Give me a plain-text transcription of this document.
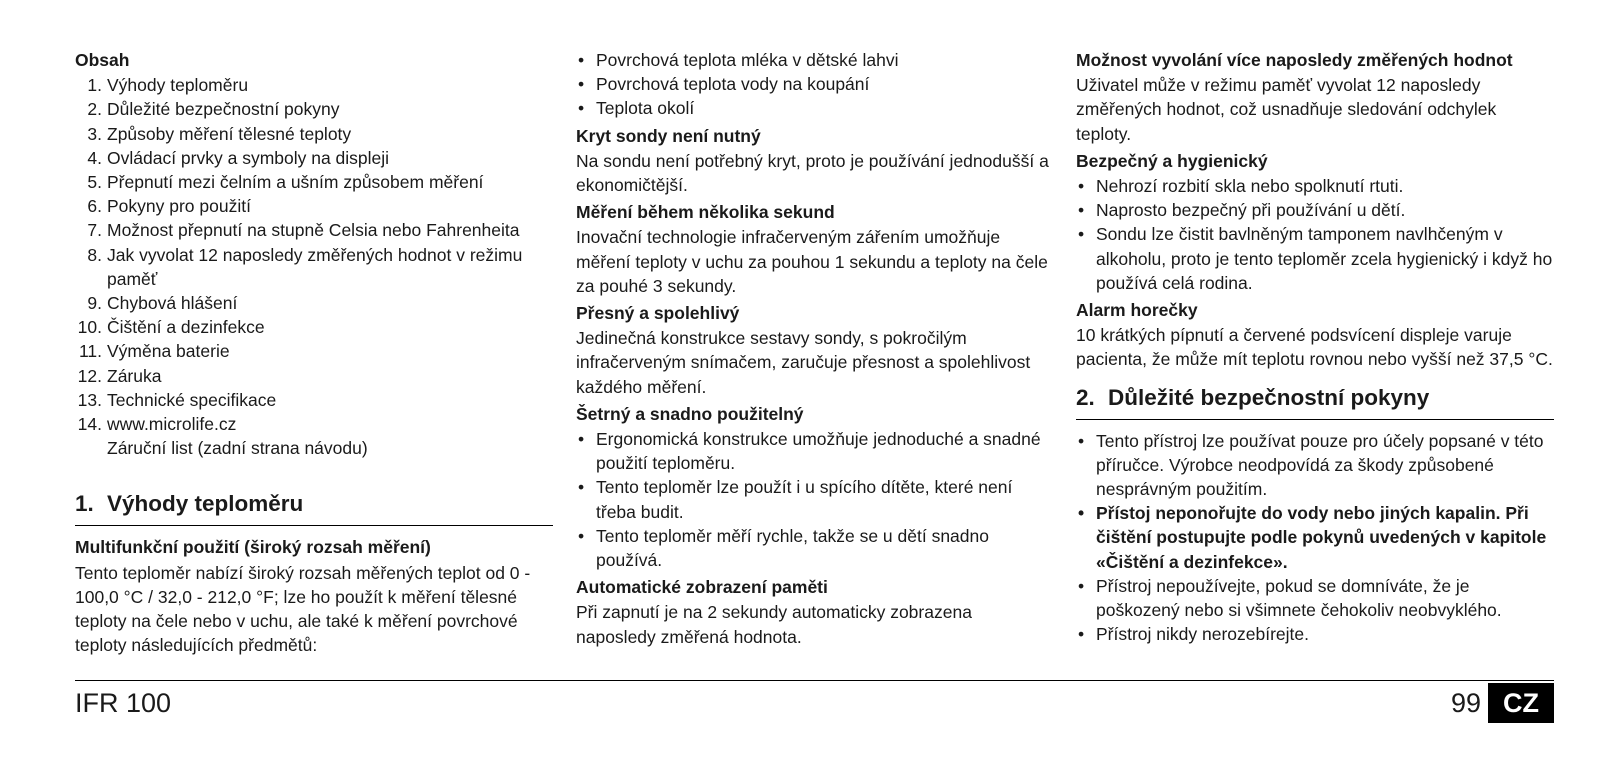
Obsah
1. Výhody teploměru
2. Důležité bezpečnostní pokyny
3. Způsoby měření tělesné teploty
4. Ovládací prvky a symboly na displeji
5. Přepnutí mezi čelním a ušním způsobem měření
6. Pokyny pro použití
7. Možnost přepnutí na stupně Celsia nebo Fahrenheita
8. Jak vyvolat 12 naposledy změřených hodnot v režimu paměť
9. Chybová hlášení
10. Čištění a dezinfekce
11. Výměna baterie
12. Záruka
13. Technické specifikace
14. www.microlife.cz
Záruční list (zadní strana návodu)
1. Výhody teploměru
Multifunkční použití (široký rozsah měření)

Tento teploměr nabízí široký rozsah měřených teplot od 0 - 100,0 °C / 32,0 - 212,0 °F; lze ho použít k měření tělesné teploty na čele nebo v uchu, ale také k měření povrchové teploty následujících předmětů:

• Povrchová teplota mléka v dětské lahvi
• Povrchová teplota vody na koupání
• Teplota okolí
Kryt sondy není nutný

Na sondu není potřebný kryt, proto je používání jednodušší a ekonomičtější.

Měření během několika sekund

Inovační technologie infračerveným zářením umožňuje měření teploty v uchu za pouhou 1 sekundu a teploty na čele za pouhé 3 sekundy.

Přesný a spolehlivý

Jedinečná konstrukce sestavy sondy, s pokročilým infračerveným snímačem, zaručuje přesnost a spolehlivost každého měření.

Šetrný a snadno použitelný
• Ergonomická konstrukce umožňuje jednoduché a snadné použití teploměru.
• Tento teploměr lze použít i u spícího dítěte, které není třeba budit.
• Tento teploměr měří rychle, takže se u dětí snadno používá.
Automatické zobrazení paměti

Při zapnutí je na 2 sekundy automaticky zobrazena naposledy změřená hodnota.

Možnost vyvolání více naposledy změřených hodnot

Uživatel může v režimu paměť vyvolat 12 naposledy změřených hodnot, což usnadňuje sledování odchylek teploty.

Bezpečný a hygienický
• Nehrozí rozbití skla nebo spolknutí rtuti.
• Naprosto bezpečný při používání u dětí.
• Sondu lze čistit bavlněným tamponem navlhčeným v alkoholu, proto je tento teploměr zcela hygienický i když ho používá celá rodina.
Alarm horečky

10 krátkých pípnutí a červené podsvícení displeje varuje pacienta, že může mít teplotu rovnou nebo vyšší než 37,5 °C.

2. Důležité bezpečnostní pokyny
• Tento přístroj lze používat pouze pro účely popsané v této příručce. Výrobce neodpovídá za škody způsobené nesprávným použitím.
• Přístoj neponořujte do vody nebo jiných kapalin. Při čištění postupujte podle pokynů uvedených v kapitole «Čištění a dezinfekce».
• Přístroj nepoužívejte, pokud se domníváte, že je poškozený nebo si všimnete čehokoliv neobvyklého.
• Přístroj nikdy nerozebírejte.
IFR 100	99 CZ
